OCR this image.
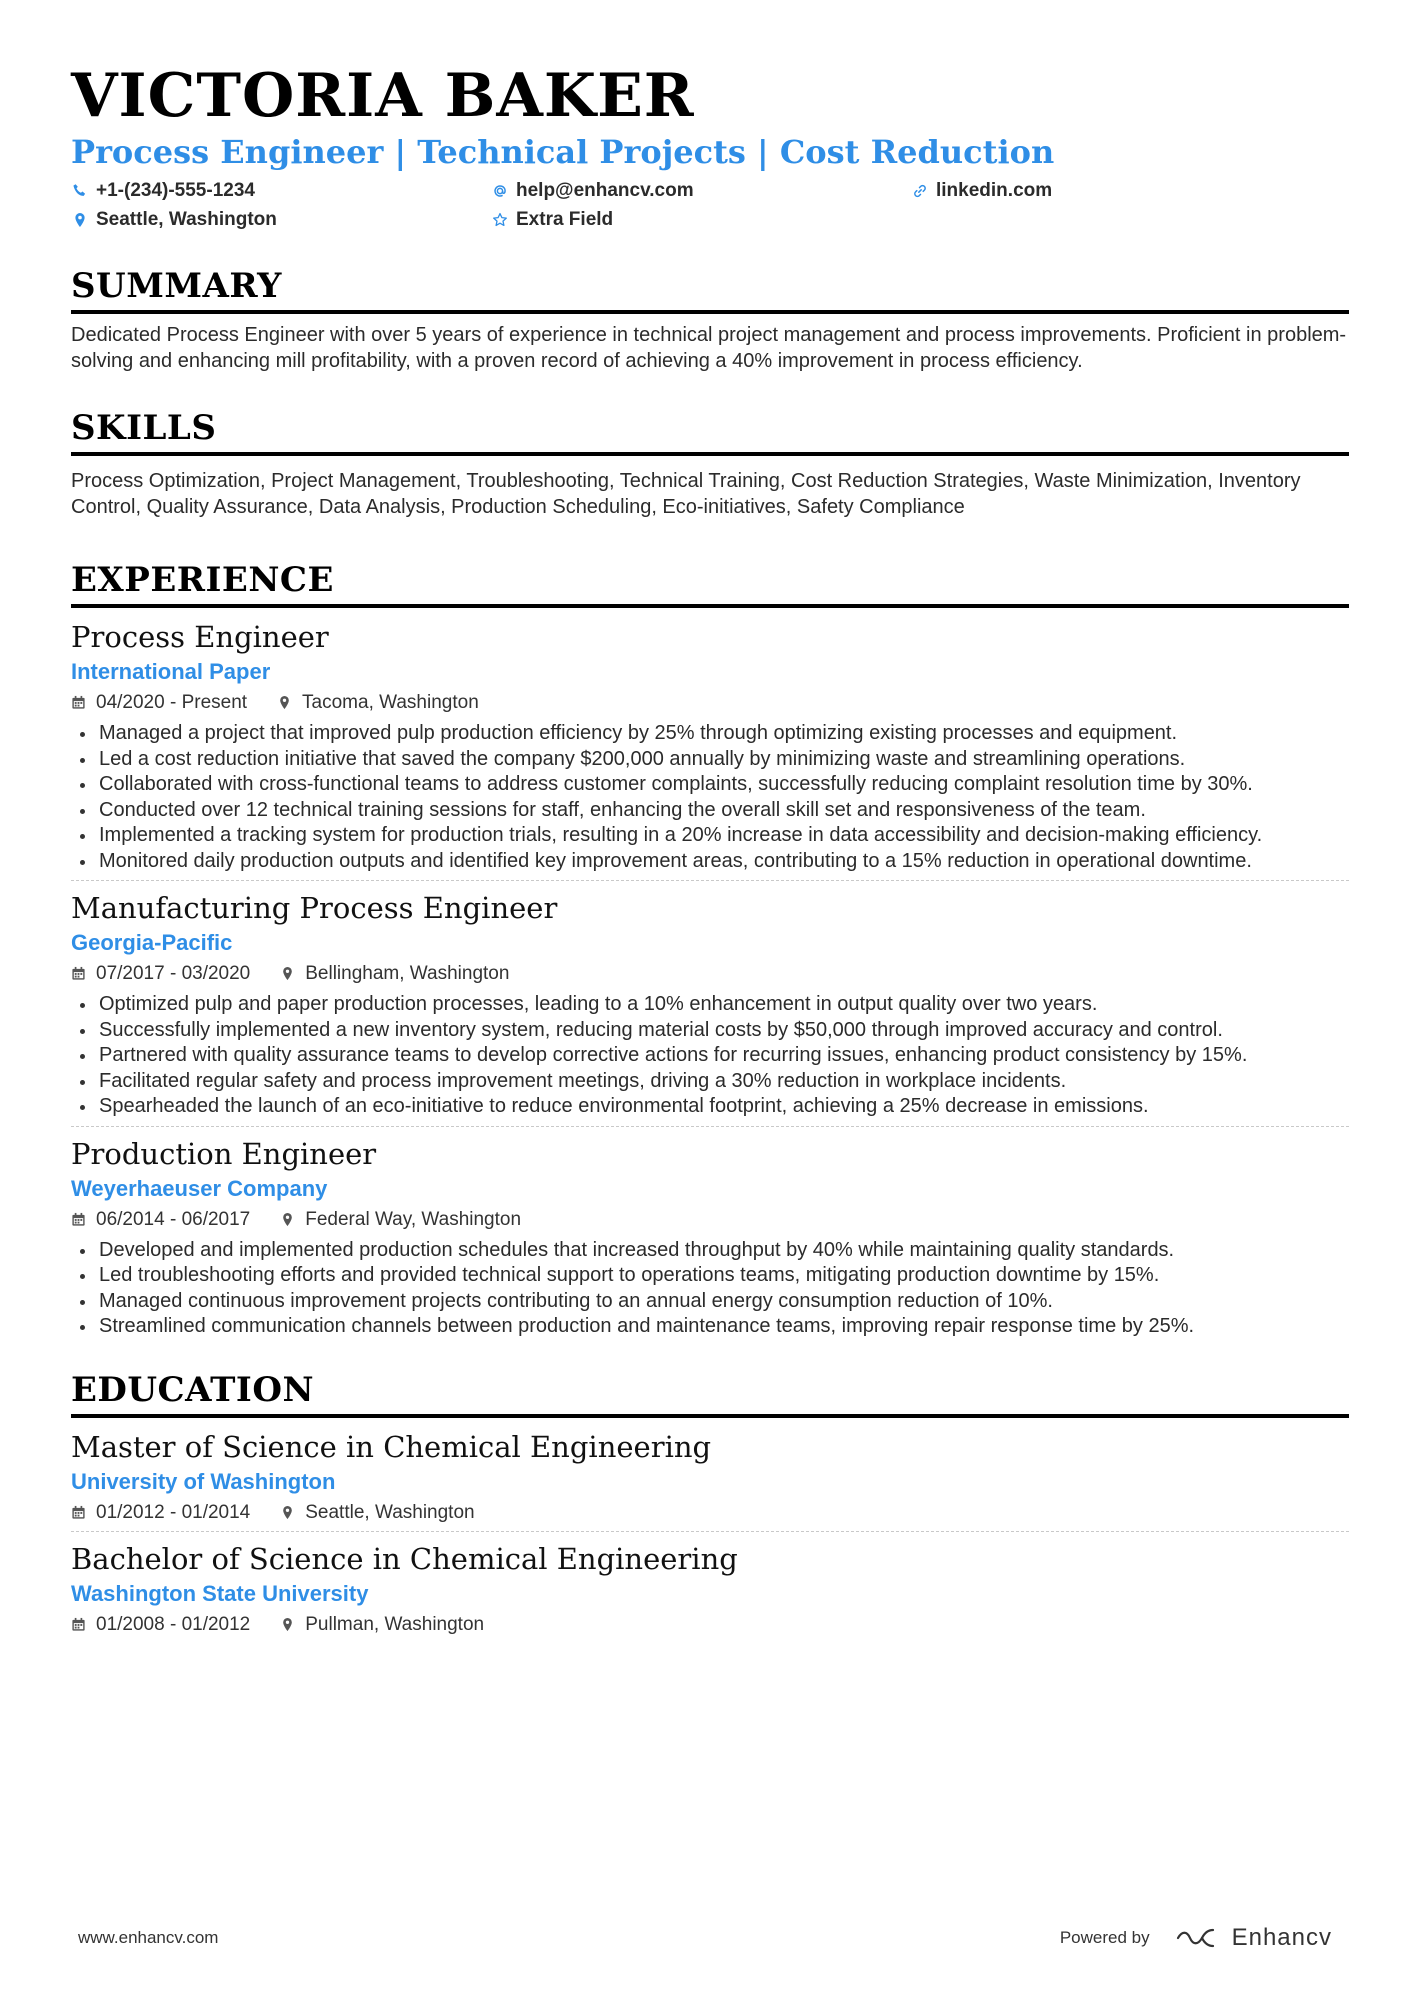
VICTORIA BAKER
Process Engineer | Technical Projects | Cost Reduction
+1-(234)-555-1234	help@enhancv.com	linkedin.com
Seattle, Washington	Extra Field
SUMMARY
Dedicated Process Engineer with over 5 years of experience in technical project management and process improvements. Proficient in problem-solving and enhancing mill profitability, with a proven record of achieving a 40% improvement in process efficiency.
SKILLS
Process Optimization, Project Management, Troubleshooting, Technical Training, Cost Reduction Strategies, Waste Minimization, Inventory Control, Quality Assurance, Data Analysis, Production Scheduling, Eco-initiatives, Safety Compliance
EXPERIENCE
Process Engineer
International Paper
04/2020 - Present	Tacoma, Washington
Managed a project that improved pulp production efficiency by 25% through optimizing existing processes and equipment.
Led a cost reduction initiative that saved the company $200,000 annually by minimizing waste and streamlining operations.
Collaborated with cross-functional teams to address customer complaints, successfully reducing complaint resolution time by 30%.
Conducted over 12 technical training sessions for staff, enhancing the overall skill set and responsiveness of the team.
Implemented a tracking system for production trials, resulting in a 20% increase in data accessibility and decision-making efficiency.
Monitored daily production outputs and identified key improvement areas, contributing to a 15% reduction in operational downtime.
Manufacturing Process Engineer
Georgia-Pacific
07/2017 - 03/2020	Bellingham, Washington
Optimized pulp and paper production processes, leading to a 10% enhancement in output quality over two years.
Successfully implemented a new inventory system, reducing material costs by $50,000 through improved accuracy and control.
Partnered with quality assurance teams to develop corrective actions for recurring issues, enhancing product consistency by 15%.
Facilitated regular safety and process improvement meetings, driving a 30% reduction in workplace incidents.
Spearheaded the launch of an eco-initiative to reduce environmental footprint, achieving a 25% decrease in emissions.
Production Engineer
Weyerhaeuser Company
06/2014 - 06/2017	Federal Way, Washington
Developed and implemented production schedules that increased throughput by 40% while maintaining quality standards.
Led troubleshooting efforts and provided technical support to operations teams, mitigating production downtime by 15%.
Managed continuous improvement projects contributing to an annual energy consumption reduction of 10%.
Streamlined communication channels between production and maintenance teams, improving repair response time by 25%.
EDUCATION
Master of Science in Chemical Engineering
University of Washington
01/2012 - 01/2014	Seattle, Washington
Bachelor of Science in Chemical Engineering
Washington State University
01/2008 - 01/2012	Pullman, Washington
www.enhancv.com	Powered by	Enhancv
